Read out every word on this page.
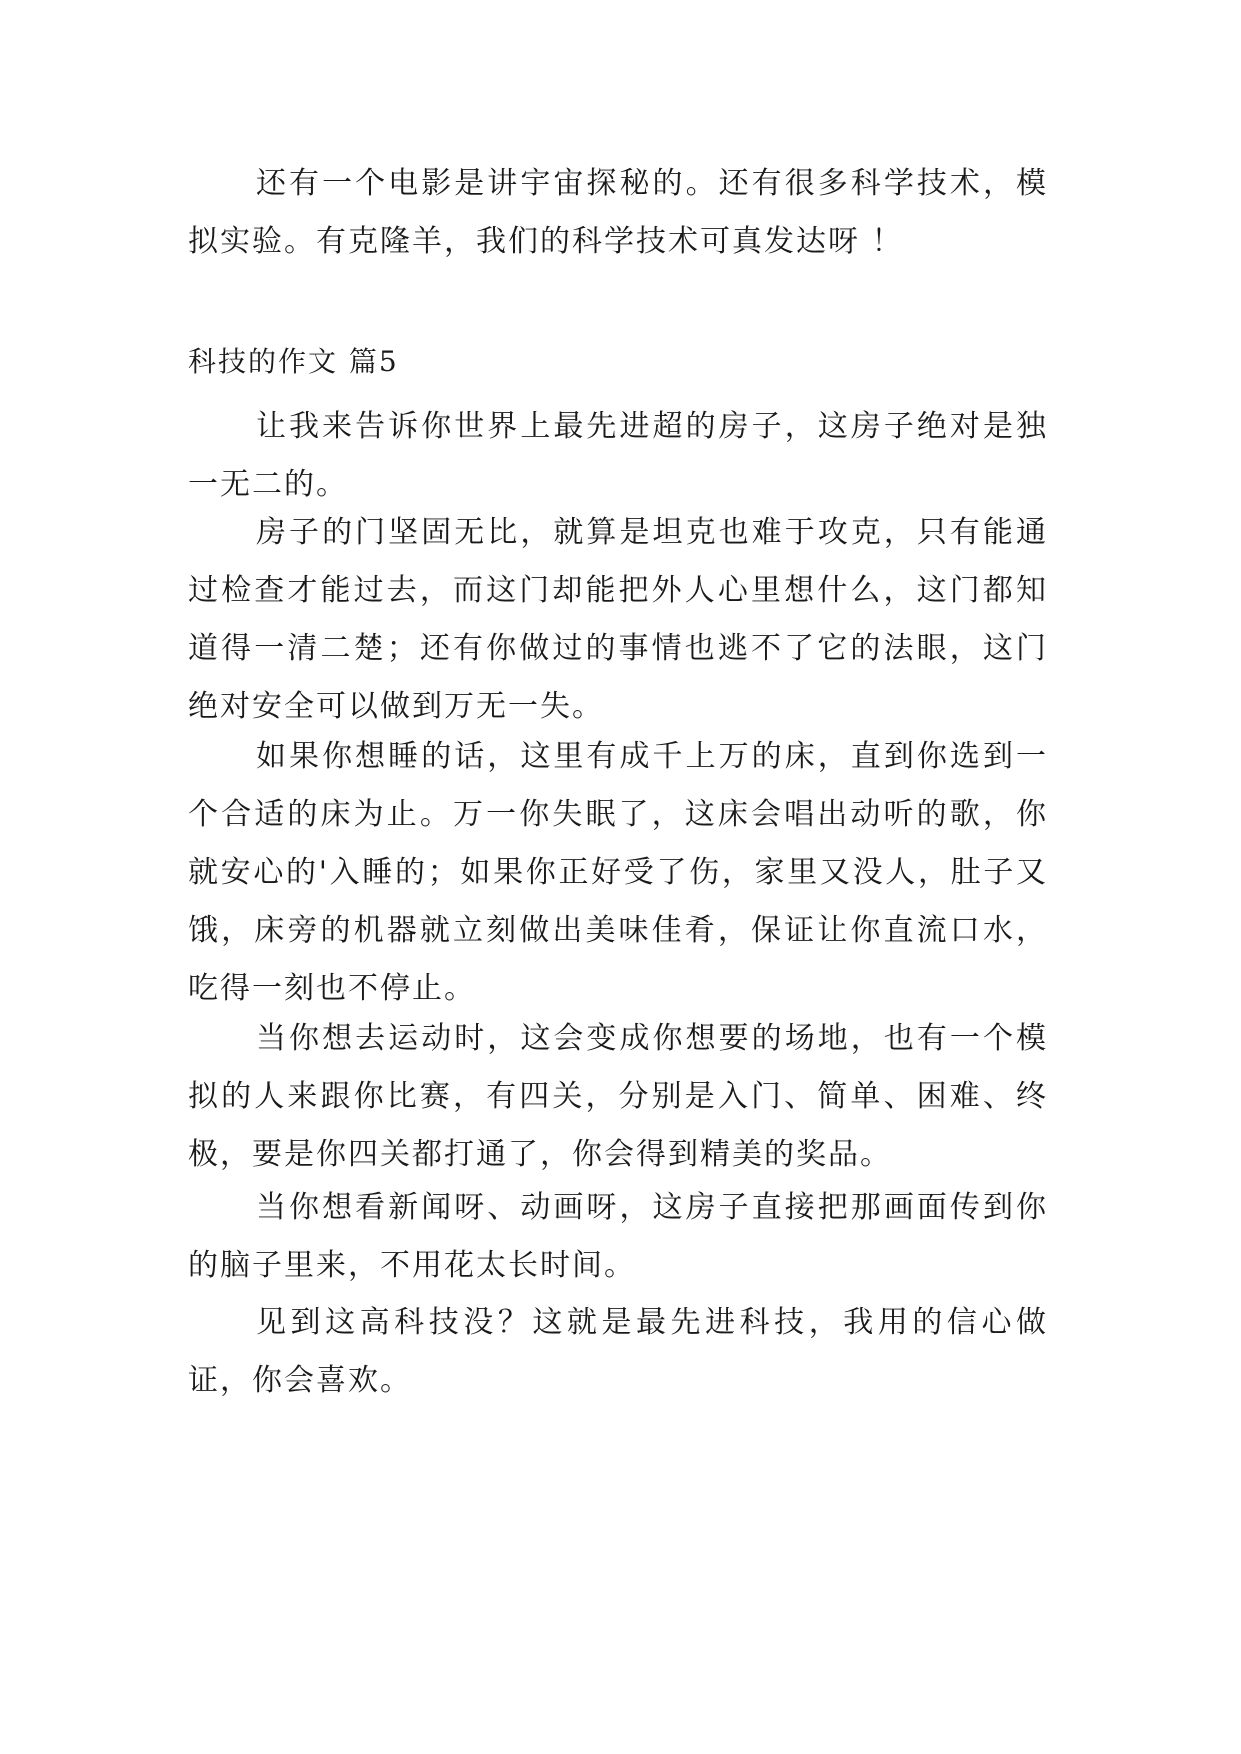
还有一个电影是讲宇宙探秘的。还有很多科学技术，模拟实验。有克隆羊，我们的科学技术可真发达呀 ！

科技的作文 篇5

让我来告诉你世界上最先进超的房子，这房子绝对是独一无二的。

房子的门坚固无比，就算是坦克也难于攻克，只有能通过检查才能过去，而这门却能把外人心里想什么，这门都知道得一清二楚；还有你做过的事情也逃不了它的法眼，这门绝对安全可以做到万无一失。

如果你想睡的话，这里有成千上万的床，直到你选到一个合适的床为止。万一你失眠了，这床会唱出动听的歌，你就安心的'入睡的；如果你正好受了伤，家里又没人，肚子又饿，床旁的机器就立刻做出美味佳肴，保证让你直流口水，吃得一刻也不停止。

当你想去运动时，这会变成你想要的场地，也有一个模拟的人来跟你比赛，有四关，分别是入门、简单、困难、终极，要是你四关都打通了，你会得到精美的奖品。

当你想看新闻呀、动画呀，这房子直接把那画面传到你的脑子里来，不用花太长时间。

见到这高科技没？这就是最先进科技，我用的信心做证，你会喜欢。
